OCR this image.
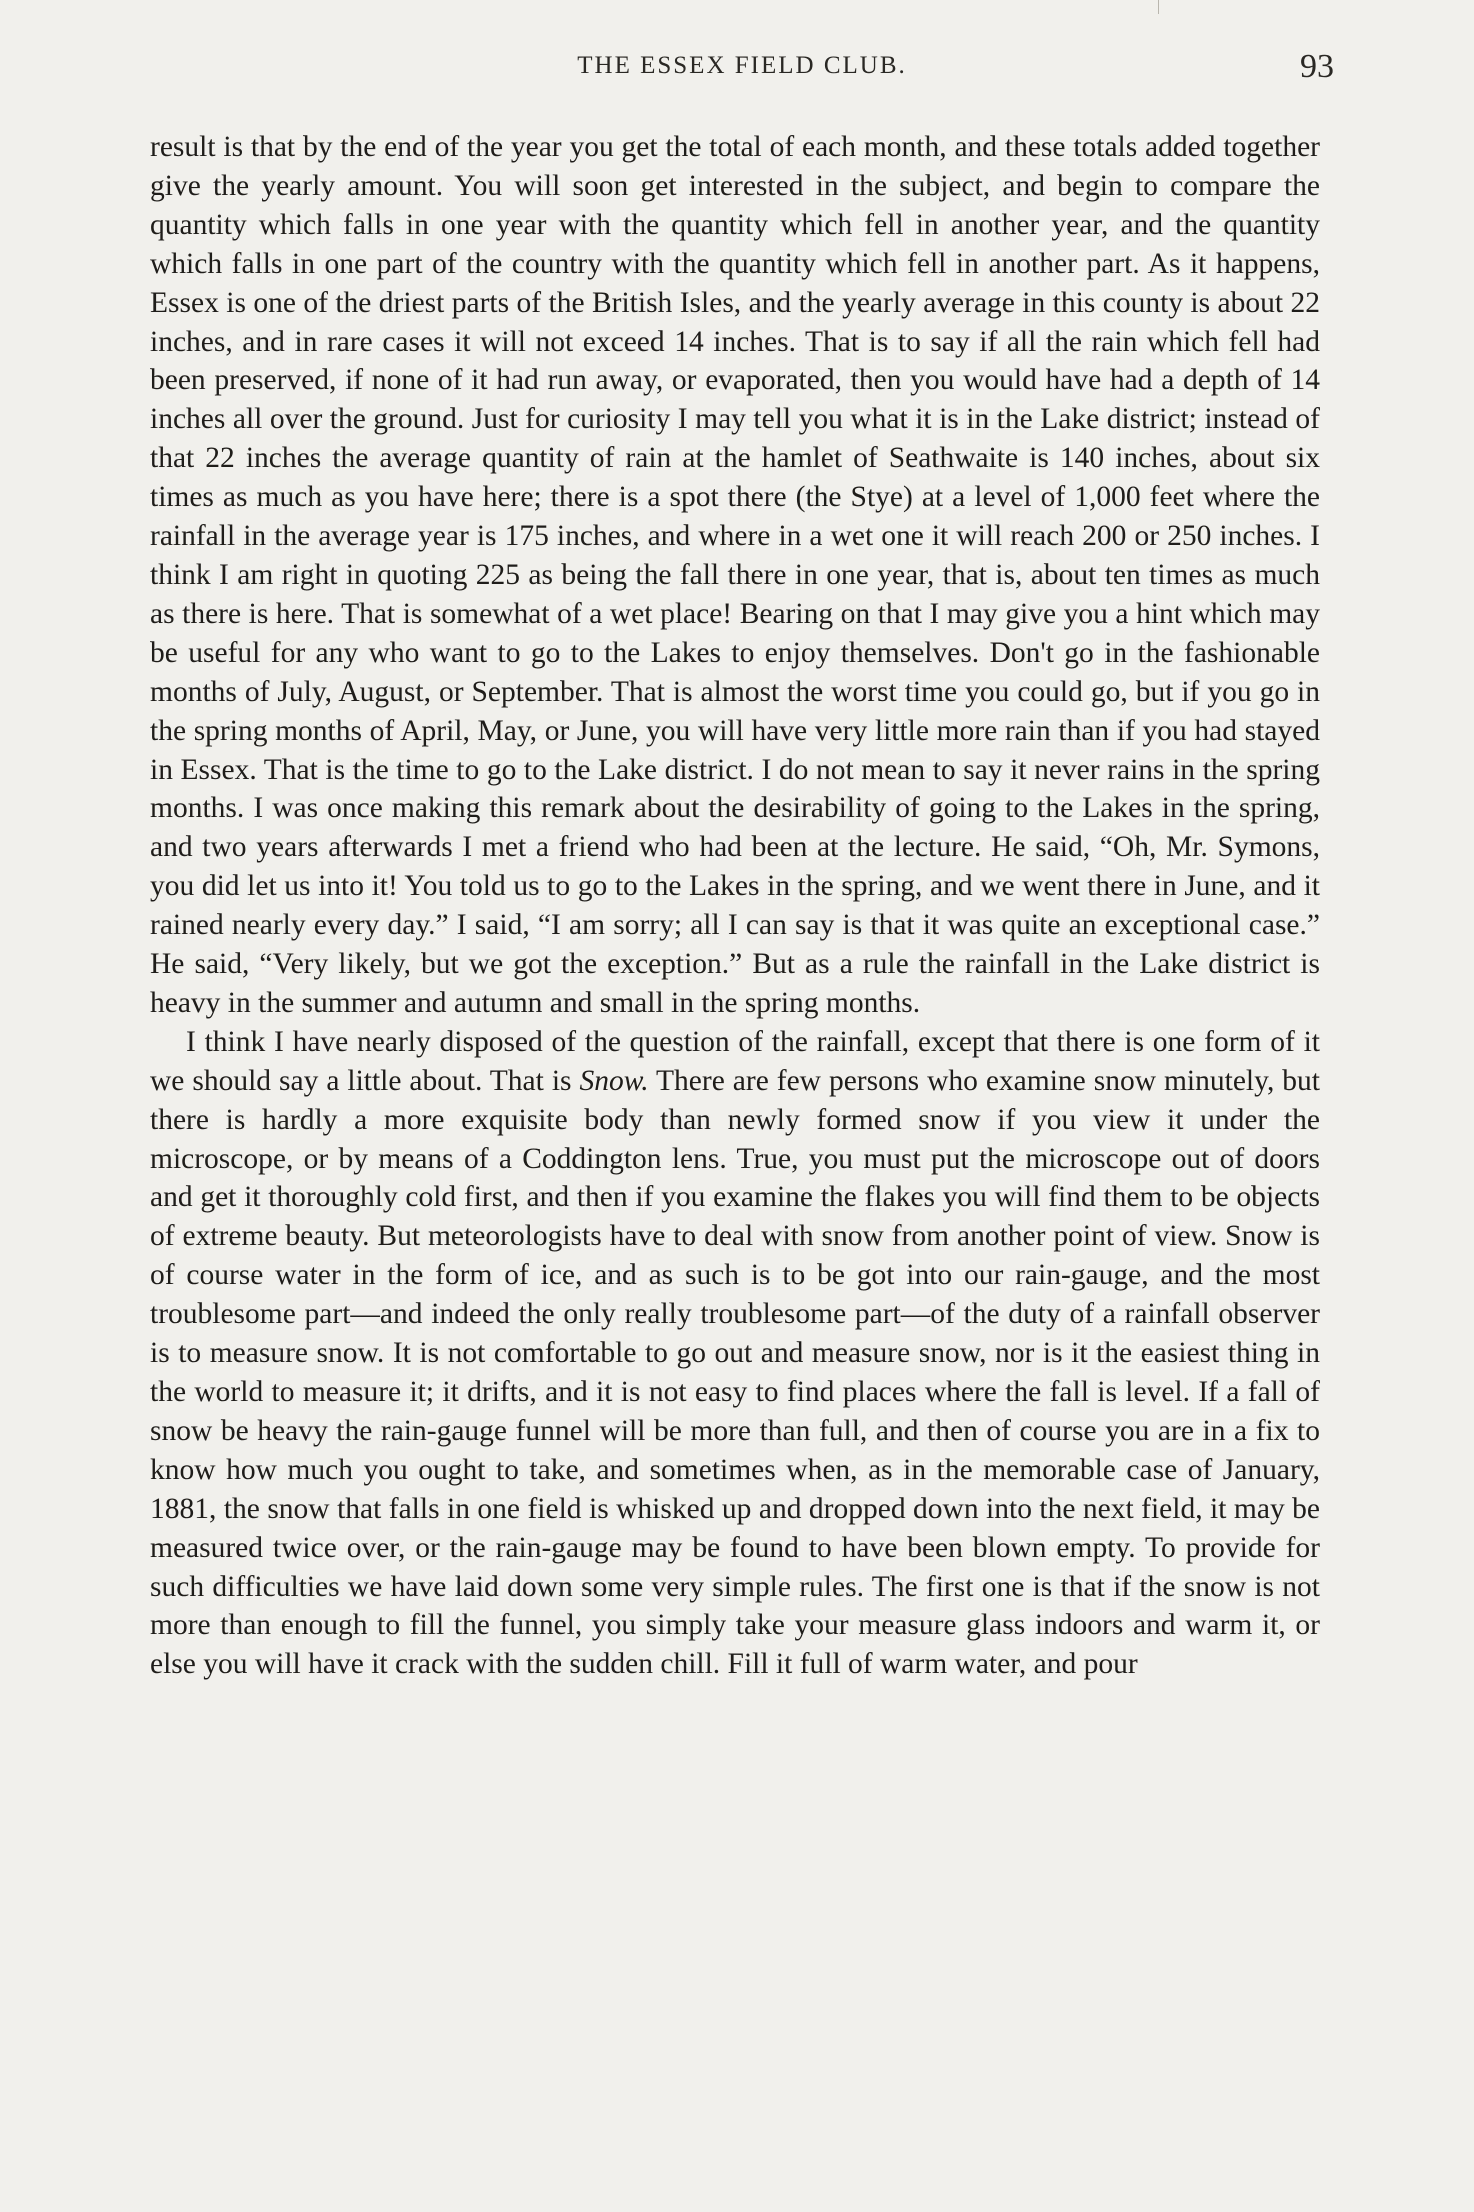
THE ESSEX FIELD CLUB.	93

result is that by the end of the year you get the total of each month, and these totals added together give the yearly amount. You will soon get interested in the subject, and begin to compare the quantity which falls in one year with the quantity which fell in another year, and the quantity which falls in one part of the country with the quantity which fell in another part. As it happens, Essex is one of the driest parts of the British Isles, and the yearly average in this county is about 22 inches, and in rare cases it will not exceed 14 inches. That is to say if all the rain which fell had been preserved, if none of it had run away, or evaporated, then you would have had a depth of 14 inches all over the ground. Just for curiosity I may tell you what it is in the Lake district; instead of that 22 inches the average quantity of rain at the hamlet of Seathwaite is 140 inches, about six times as much as you have here; there is a spot there (the Stye) at a level of 1,000 feet where the rainfall in the average year is 175 inches, and where in a wet one it will reach 200 or 250 inches. I think I am right in quoting 225 as being the fall there in one year, that is, about ten times as much as there is here. That is somewhat of a wet place! Bearing on that I may give you a hint which may be useful for any who want to go to the Lakes to enjoy themselves. Don't go in the fashionable months of July, August, or September. That is almost the worst time you could go, but if you go in the spring months of April, May, or June, you will have very little more rain than if you had stayed in Essex. That is the time to go to the Lake district. I do not mean to say it never rains in the spring months. I was once making this remark about the desirability of going to the Lakes in the spring, and two years afterwards I met a friend who had been at the lecture. He said, “Oh, Mr. Symons, you did let us into it! You told us to go to the Lakes in the spring, and we went there in June, and it rained nearly every day.” I said, “I am sorry; all I can say is that it was quite an exceptional case.” He said, “Very likely, but we got the exception.” But as a rule the rainfall in the Lake district is heavy in the summer and autumn and small in the spring months.

I think I have nearly disposed of the question of the rainfall, except that there is one form of it we should say a little about. That is Snow. There are few persons who examine snow minutely, but there is hardly a more exquisite body than newly formed snow if you view it under the microscope, or by means of a Coddington lens. True, you must put the microscope out of doors and get it thoroughly cold first, and then if you examine the flakes you will find them to be objects of extreme beauty. But meteorologists have to deal with snow from another point of view. Snow is of course water in the form of ice, and as such is to be got into our rain-gauge, and the most troublesome part—and indeed the only really troublesome part—of the duty of a rainfall observer is to measure snow. It is not comfortable to go out and measure snow, nor is it the easiest thing in the world to measure it; it drifts, and it is not easy to find places where the fall is level. If a fall of snow be heavy the rain-gauge funnel will be more than full, and then of course you are in a fix to know how much you ought to take, and sometimes when, as in the memorable case of January, 1881, the snow that falls in one field is whisked up and dropped down into the next field, it may be measured twice over, or the rain-gauge may be found to have been blown empty. To provide for such difficulties we have laid down some very simple rules. The first one is that if the snow is not more than enough to fill the funnel, you simply take your measure glass indoors and warm it, or else you will have it crack with the sudden chill. Fill it full of warm water, and pour
